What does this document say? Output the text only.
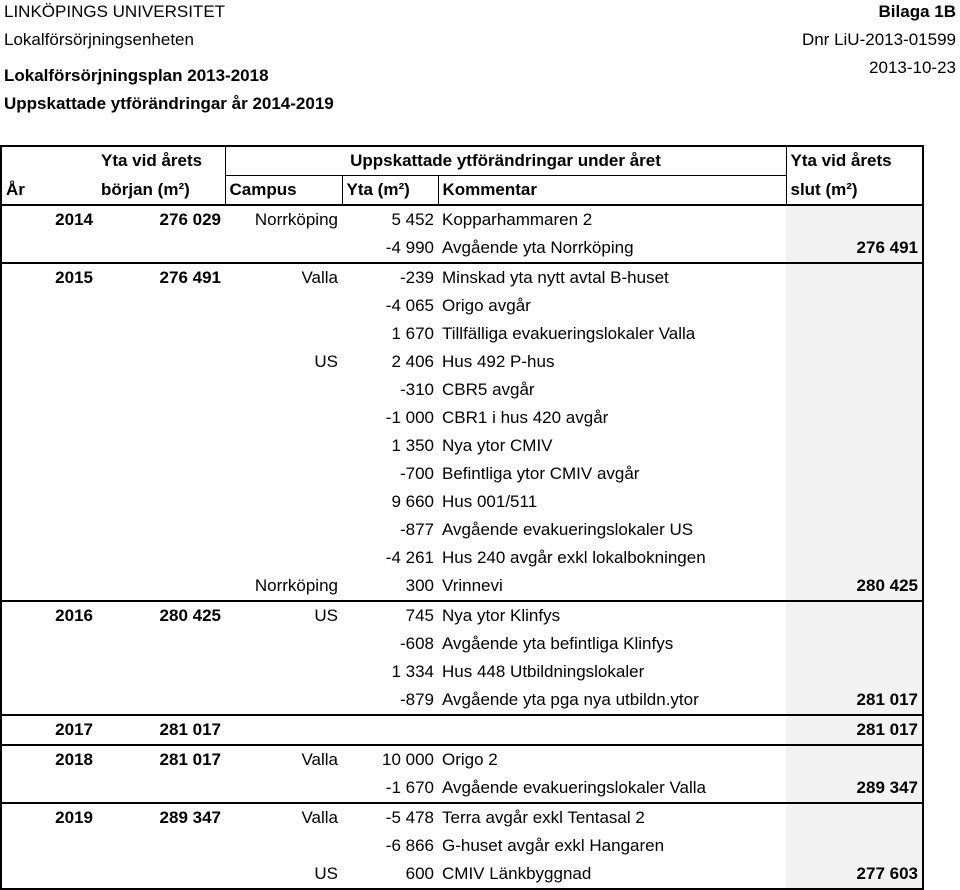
LINKÖPINGS UNIVERSITET
Lokalförsörjningsenheten
Lokalförsörjningsplan 2013-2018
Uppskattade ytförändringar år 2014-2019
Bilaga 1B
Dnr LiU-2013-01599
2013-10-23
	Yta vid årets	Uppskattade ytförändringar under året			Yta vid årets
År	början (m²)	Campus	Yta (m²)	Kommentar	slut (m²)
2014	276 029	Norrköping	5 452	Kopparhammaren 2	
			-4 990	Avgående yta Norrköping	276 491
2015	276 491	Valla	-239	Minskad yta nytt avtal B-huset	
			-4 065	Origo avgår	
			1 670	Tillfälliga evakueringslokaler Valla	
		US	2 406	Hus 492 P-hus	
			-310	CBR5 avgår	
			-1 000	CBR1 i hus 420 avgår	
			1 350	Nya ytor CMIV	
			-700	Befintliga ytor CMIV avgår	
			9 660	Hus 001/511	
			-877	Avgående evakueringslokaler US	
			-4 261	Hus 240 avgår exkl lokalbokningen	
		Norrköping	300	Vrinnevi	280 425
2016	280 425	US	745	Nya ytor Klinfys	
			-608	Avgående yta befintliga Klinfys	
			1 334	Hus 448 Utbildningslokaler	
			-879	Avgående yta pga nya utbildn.ytor	281 017
2017	281 017				281 017
2018	281 017	Valla	10 000	Origo 2	
			-1 670	Avgående evakueringslokaler Valla	289 347
2019	289 347	Valla	-5 478	Terra avgår exkl Tentasal 2	
			-6 866	G-huset avgår exkl Hangaren	
		US	600	CMIV Länkbyggnad	277 603
